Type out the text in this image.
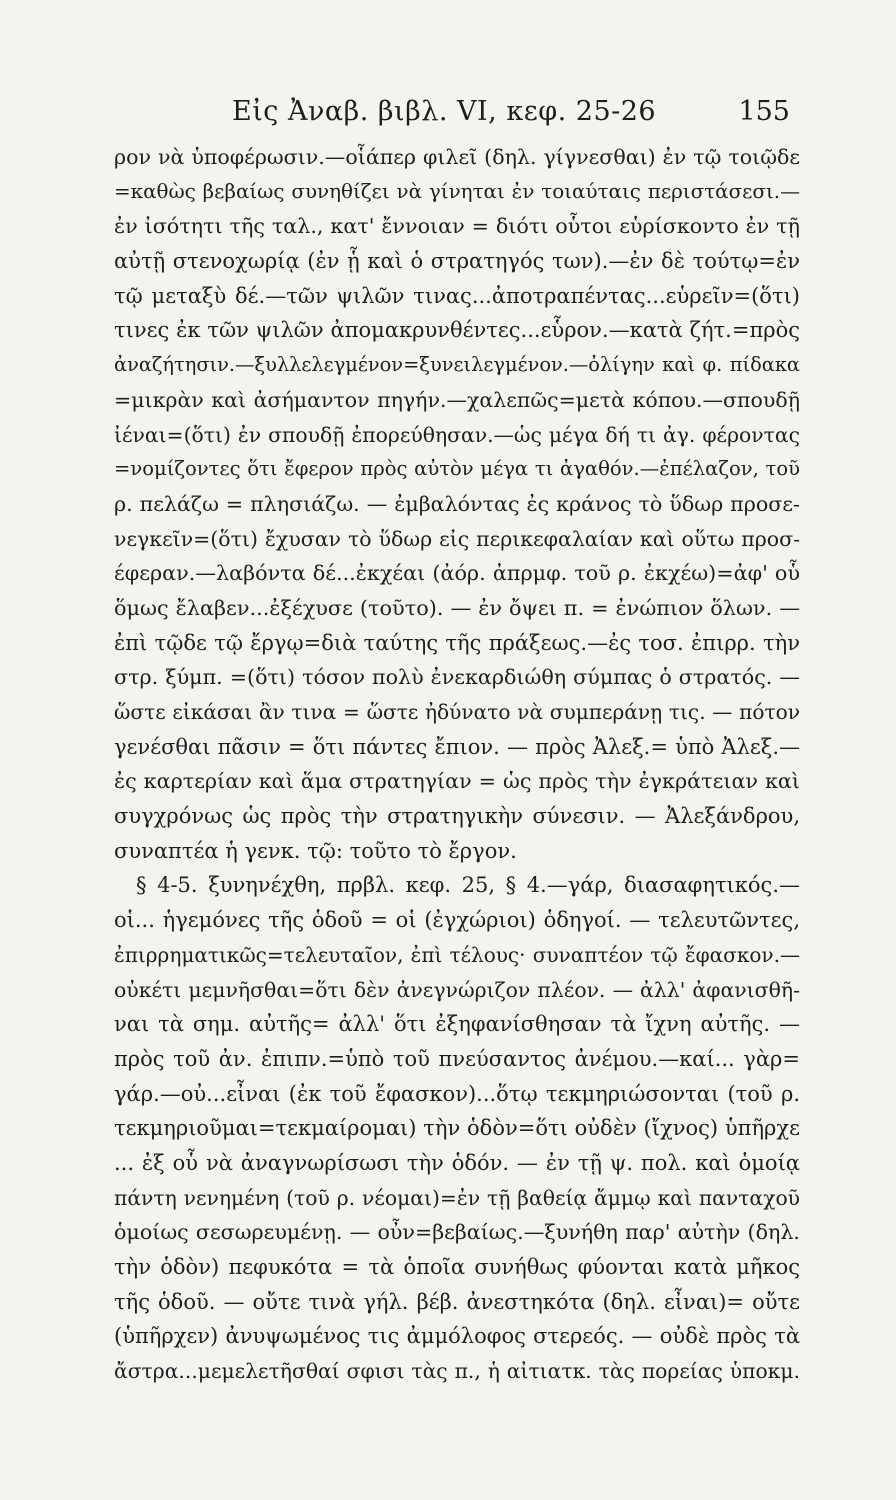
Εἰς Ἀναβ. βιβλ. VI, κεφ. 25-26	155
ρον νὰ ὑποφέρωσιν.—οἷάπερ φιλεῖ (δηλ. γίγνεσθαι) ἐν τῷ τοιῷδε
=καθὼς βεβαίως συνηθίζει νὰ γίνηται ἐν τοιαύταις περιστάσεσι.—
ἐν ἰσότητι τῆς ταλ., κατ' ἔννοιαν = διότι οὗτοι εὑρίσκοντο ἐν τῇ
αὐτῇ στενοχωρίᾳ (ἐν ᾗ καὶ ὁ στρατηγός των).—ἐν δὲ τούτῳ=ἐν
τῷ μεταξὺ δέ.—τῶν ψιλῶν τινας...ἀποτραπέντας...εὑρεῖν=(ὅτι)
τινες ἐκ τῶν ψιλῶν ἀπομακρυνθέντες...εὗρον.—κατὰ ζήτ.=πρὸς
ἀναζήτησιν.—ξυλλελεγμένον=ξυνειλεγμένον.—ὀλίγην καὶ φ. πίδακα
=μικρὰν καὶ ἀσήμαντον πηγήν.—χαλεπῶς=μετὰ κόπου.—σπουδῇ
ἰέναι=(ὅτι) ἐν σπουδῇ ἐπορεύθησαν.—ὡς μέγα δή τι ἀγ. φέροντας
=νομίζοντες ὅτι ἔφερον πρὸς αὐτὸν μέγα τι ἀγαθόν.—ἐπέλαζον, τοῦ
ρ. πελάζω = πλησιάζω. — ἐμβαλόντας ἐς κράνος τὸ ὕδωρ προσε-
νεγκεῖν=(ὅτι) ἔχυσαν τὸ ὕδωρ εἰς περικεφαλαίαν καὶ οὕτω προσ-
έφεραν.—λαβόντα δέ...ἐκχέαι (ἀόρ. ἀπρμφ. τοῦ ρ. ἐκχέω)=ἀφ' οὗ
ὅμως ἔλαβεν...ἐξέχυσε (τοῦτο). — ἐν ὄψει π. = ἐνώπιον ὅλων. —
ἐπὶ τῷδε τῷ ἔργῳ=διὰ ταύτης τῆς πράξεως.—ἐς τοσ. ἐπιρρ. τὴν
στρ. ξύμπ. =(ὅτι) τόσον πολὺ ἐνεκαρδιώθη σύμπας ὁ στρατός. —
ὥστε εἰκάσαι ἂν τινα = ὥστε ἠδύνατο νὰ συμπεράνῃ τις. — πότον
γενέσθαι πᾶσιν = ὅτι πάντες ἔπιον. — πρὸς Ἀλεξ.= ὑπὸ Ἀλεξ.—
ἐς καρτερίαν καὶ ἅμα στρατηγίαν = ὡς πρὸς τὴν ἐγκράτειαν καὶ
συγχρόνως ὡς πρὸς τὴν στρατηγικὴν σύνεσιν. — Ἀλεξάνδρου,
συναπτέα ἡ γενκ. τῷ: τοῦτο τὸ ἔργον.
§ 4-5. ξυνηνέχθη, πρβλ. κεφ. 25, § 4.—γάρ, διασαφητικός.—
οἱ... ἡγεμόνες τῆς ὁδοῦ = οἱ (ἐγχώριοι) ὁδηγοί. — τελευτῶντες,
ἐπιρρηματικῶς=τελευταῖον, ἐπὶ τέλους· συναπτέον τῷ ἔφασκον.—
οὐκέτι μεμνῆσθαι=ὅτι δὲν ἀνεγνώριζον πλέον. — ἀλλ' ἀφανισθῆ-
ναι τὰ σημ. αὐτῆς= ἀλλ' ὅτι ἐξηφανίσθησαν τὰ ἴχνη αὐτῆς. —
πρὸς τοῦ ἀν. ἐπιπν.=ὑπὸ τοῦ πνεύσαντος ἀνέμου.—καί... γὰρ=
γάρ.—οὐ...εἶναι (ἐκ τοῦ ἔφασκον)...ὅτῳ τεκμηριώσονται (τοῦ ρ.
τεκμηριοῦμαι=τεκμαίρομαι) τὴν ὁδὸν=ὅτι οὐδὲν (ἴχνος) ὑπῆρχε
... ἐξ οὗ νὰ ἀναγνωρίσωσι τὴν ὁδόν. — ἐν τῇ ψ. πολ. καὶ ὁμοίᾳ
πάντη νενημένη (τοῦ ρ. νέομαι)=ἐν τῇ βαθείᾳ ἄμμῳ καὶ πανταχοῦ
ὁμοίως σεσωρευμένῃ. — οὖν=βεβαίως.—ξυνήθη παρ' αὐτὴν (δηλ.
τὴν ὁδὸν) πεφυκότα = τὰ ὁποῖα συνήθως φύονται κατὰ μῆκος
τῆς ὁδοῦ. — οὔτε τινὰ γήλ. βέβ. ἀνεστηκότα (δηλ. εἶναι)= οὔτε
(ὑπῆρχεν) ἀνυψωμένος τις ἀμμόλοφος στερεός. — οὐδὲ πρὸς τὰ
ἄστρα...μεμελετῆσθαί σφισι τὰς π., ἡ αἰτιατκ. τὰς πορείας ὑποκμ.
